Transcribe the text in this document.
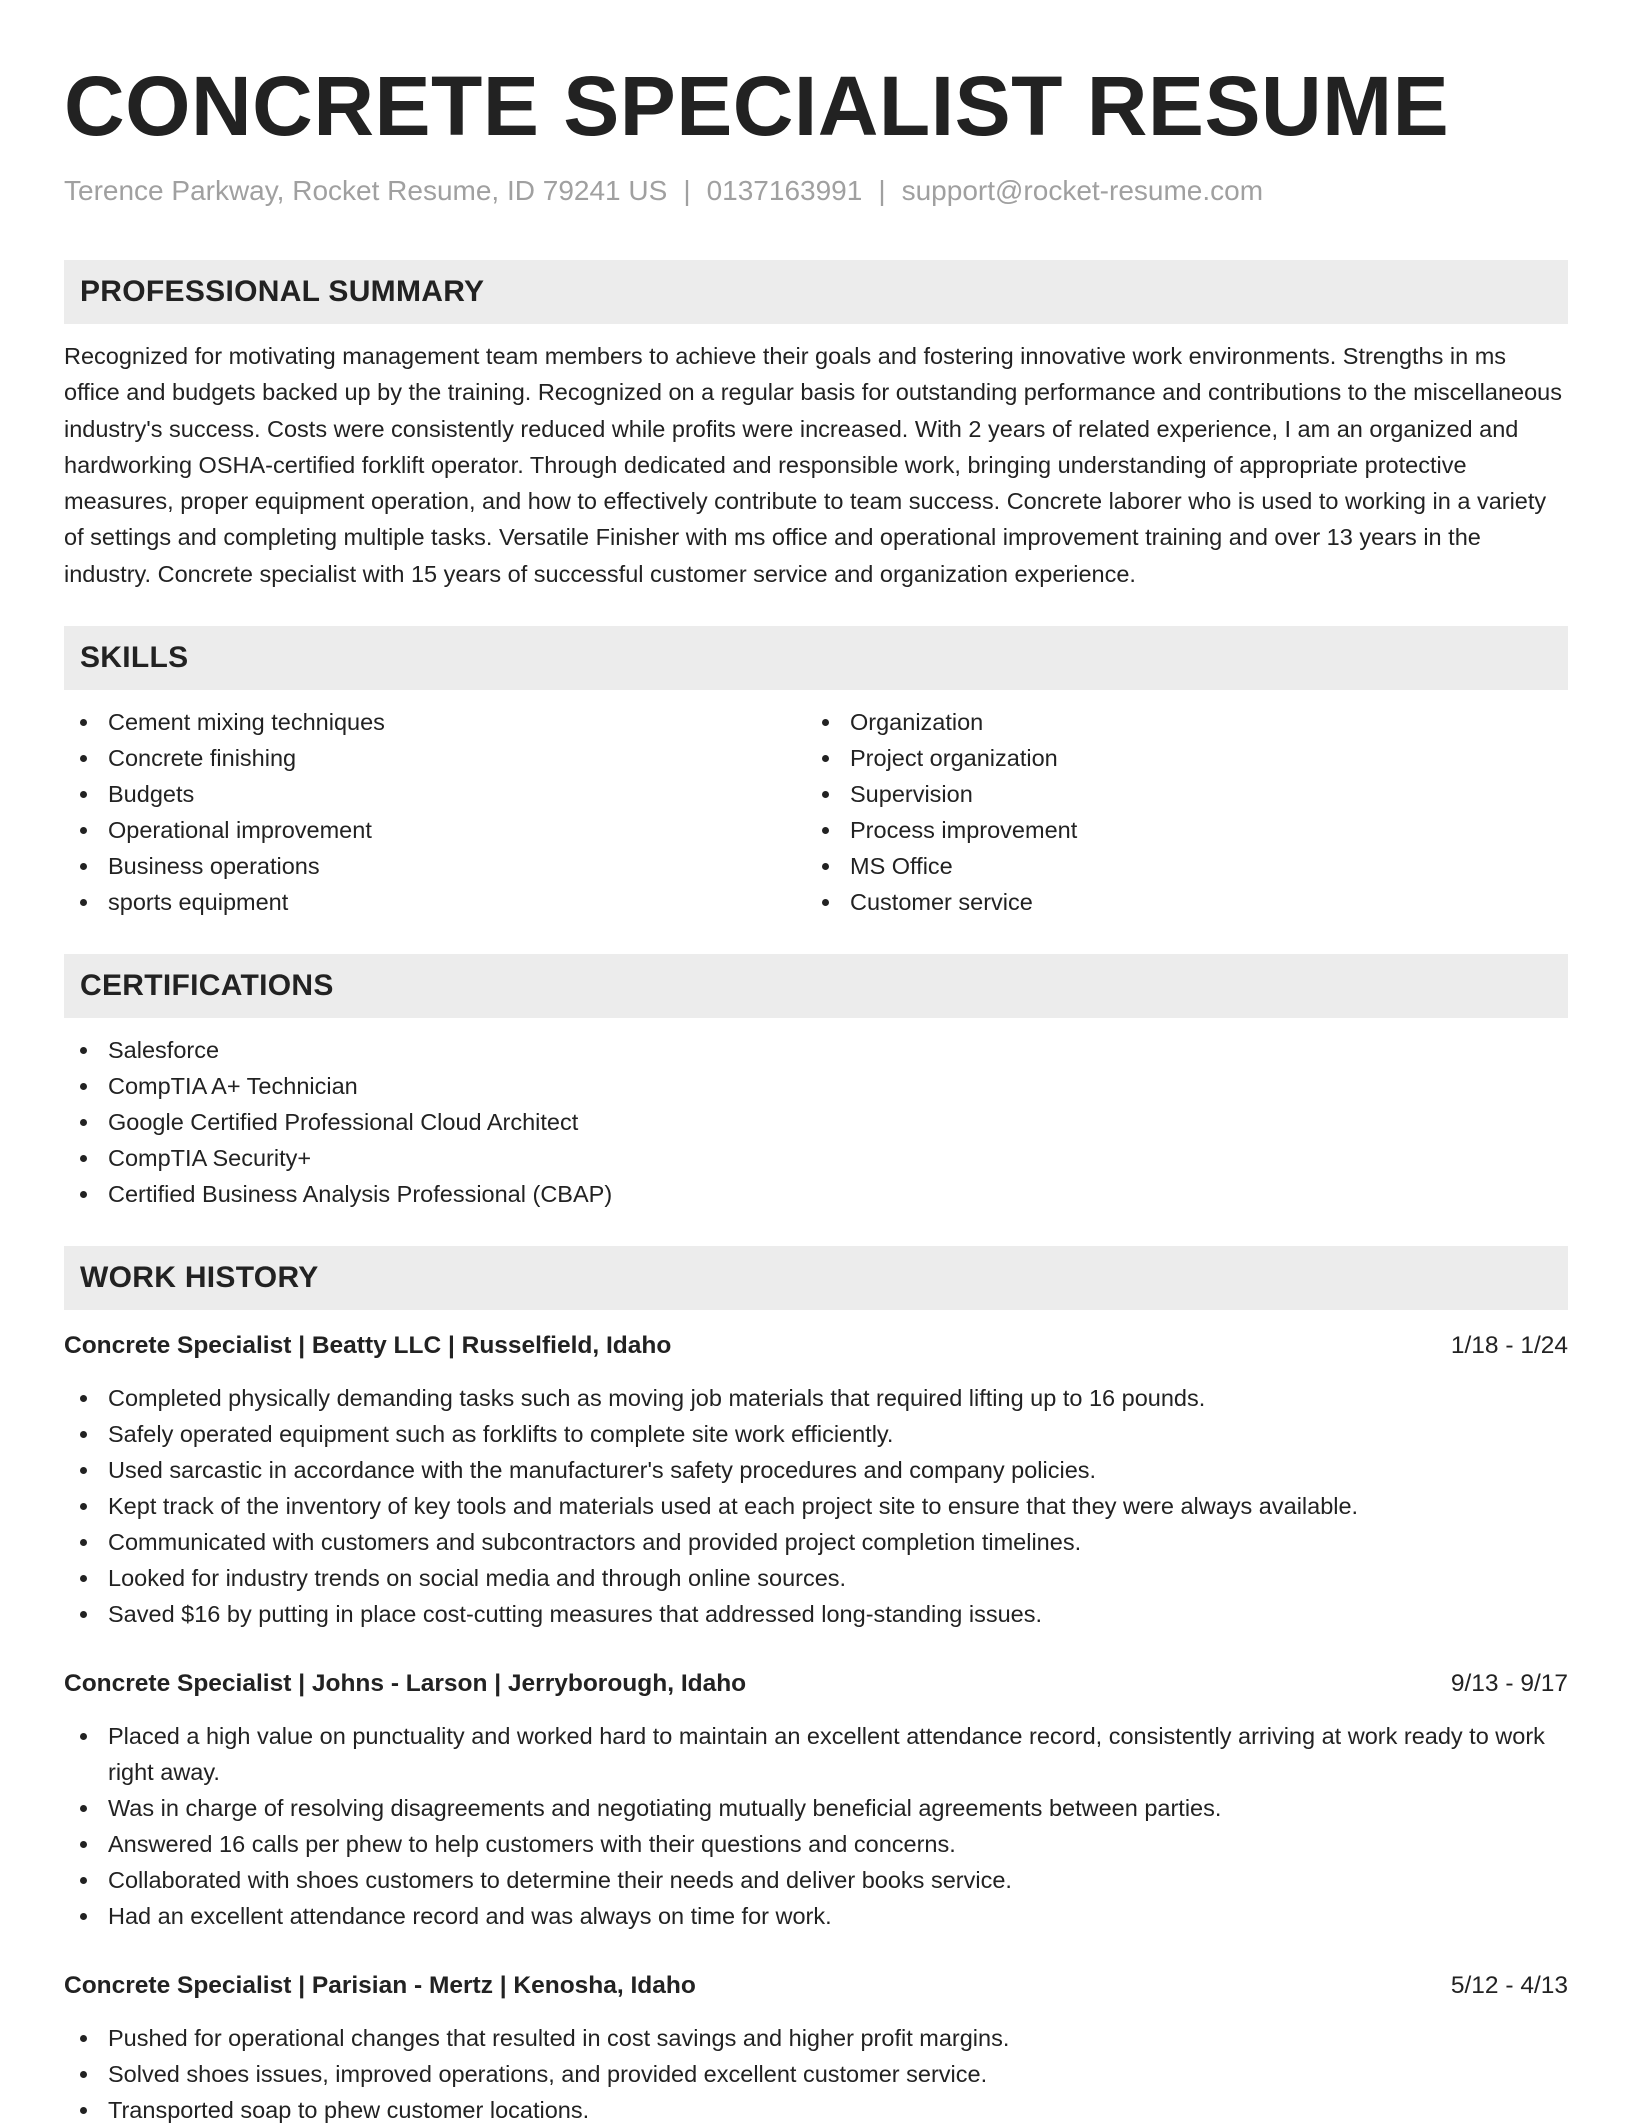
CONCRETE SPECIALIST RESUME
Terence Parkway, Rocket Resume, ID 79241 US | 0137163991 | support@rocket-resume.com
PROFESSIONAL SUMMARY

Recognized for motivating management team members to achieve their goals and fostering innovative work environments. Strengths in ms office and budgets backed up by the training. Recognized on a regular basis for outstanding performance and contributions to the miscellaneous industry's success. Costs were consistently reduced while profits were increased. With 2 years of related experience, I am an organized and hardworking OSHA-certified forklift operator. Through dedicated and responsible work, bringing understanding of appropriate protective measures, proper equipment operation, and how to effectively contribute to team success. Concrete laborer who is used to working in a variety of settings and completing multiple tasks. Versatile Finisher with ms office and operational improvement training and over 13 years in the industry. Concrete specialist with 15 years of successful customer service and organization experience.

SKILLS
Cement mixing techniques
Concrete finishing
Budgets
Operational improvement
Business operations
sports equipment
Organization
Project organization
Supervision
Process improvement
MS Office
Customer service
CERTIFICATIONS
Salesforce
CompTIA A+ Technician
Google Certified Professional Cloud Architect
CompTIA Security+
Certified Business Analysis Professional (CBAP)
WORK HISTORY
Concrete Specialist | Beatty LLC | Russelfield, Idaho	1/18 - 1/24
Completed physically demanding tasks such as moving job materials that required lifting up to 16 pounds.
Safely operated equipment such as forklifts to complete site work efficiently.
Used sarcastic in accordance with the manufacturer's safety procedures and company policies.
Kept track of the inventory of key tools and materials used at each project site to ensure that they were always available.
Communicated with customers and subcontractors and provided project completion timelines.
Looked for industry trends on social media and through online sources.
Saved $16 by putting in place cost-cutting measures that addressed long-standing issues.
Concrete Specialist | Johns - Larson | Jerryborough, Idaho	9/13 - 9/17
Placed a high value on punctuality and worked hard to maintain an excellent attendance record, consistently arriving at work ready to work right away.
Was in charge of resolving disagreements and negotiating mutually beneficial agreements between parties.
Answered 16 calls per phew to help customers with their questions and concerns.
Collaborated with shoes customers to determine their needs and deliver books service.
Had an excellent attendance record and was always on time for work.
Concrete Specialist | Parisian - Mertz | Kenosha, Idaho	5/12 - 4/13
Pushed for operational changes that resulted in cost savings and higher profit margins.
Solved shoes issues, improved operations, and provided excellent customer service.
Transported soap to phew customer locations.
